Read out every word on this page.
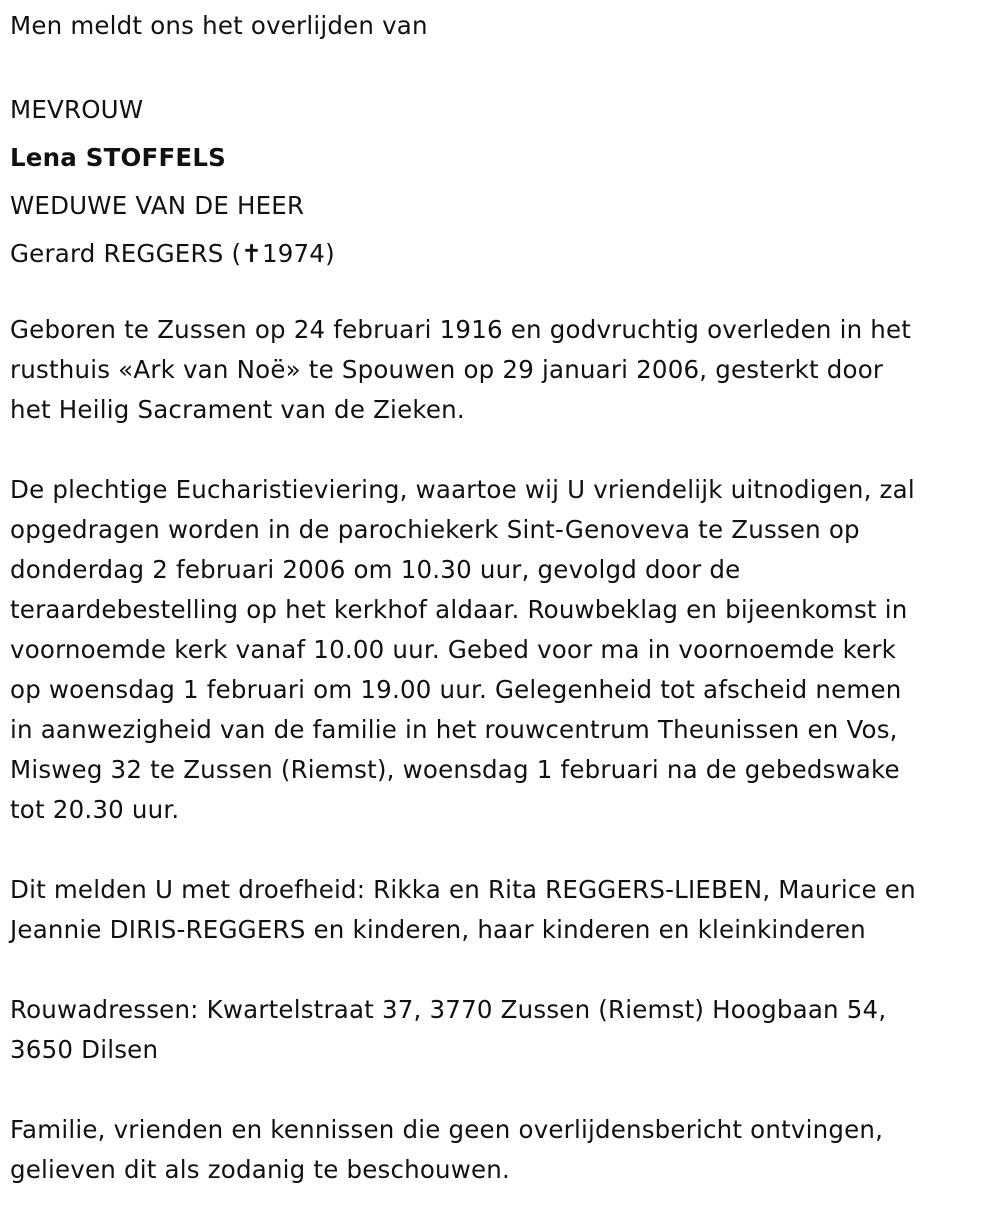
Men meldt ons het overlijden van

MEVROUW

Lena STOFFELS

WEDUWE VAN DE HEER

Gerard REGGERS (✝1974)

Geboren te Zussen op 24 februari 1916 en godvruchtig overleden in het

rusthuis «Ark van Noë» te Spouwen op 29 januari 2006, gesterkt door

het Heilig Sacrament van de Zieken.

De plechtige Eucharistieviering, waartoe wij U vriendelijk uitnodigen, zal

opgedragen worden in de parochiekerk Sint-Genoveva te Zussen op

donderdag 2 februari 2006 om 10.30 uur, gevolgd door de

teraardebestelling op het kerkhof aldaar. Rouwbeklag en bijeenkomst in

voornoemde kerk vanaf 10.00 uur. Gebed voor ma in voornoemde kerk

op woensdag 1 februari om 19.00 uur. Gelegenheid tot afscheid nemen

in aanwezigheid van de familie in het rouwcentrum Theunissen en Vos,

Misweg 32 te Zussen (Riemst), woensdag 1 februari na de gebedswake

tot 20.30 uur.

Dit melden U met droefheid: Rikka en Rita REGGERS-LIEBEN, Maurice en

Jeannie DIRIS-REGGERS en kinderen, haar kinderen en kleinkinderen

Rouwadressen: Kwartelstraat 37, 3770 Zussen (Riemst) Hoogbaan 54,

3650 Dilsen

Familie, vrienden en kennissen die geen overlijdensbericht ontvingen,

gelieven dit als zodanig te beschouwen.
